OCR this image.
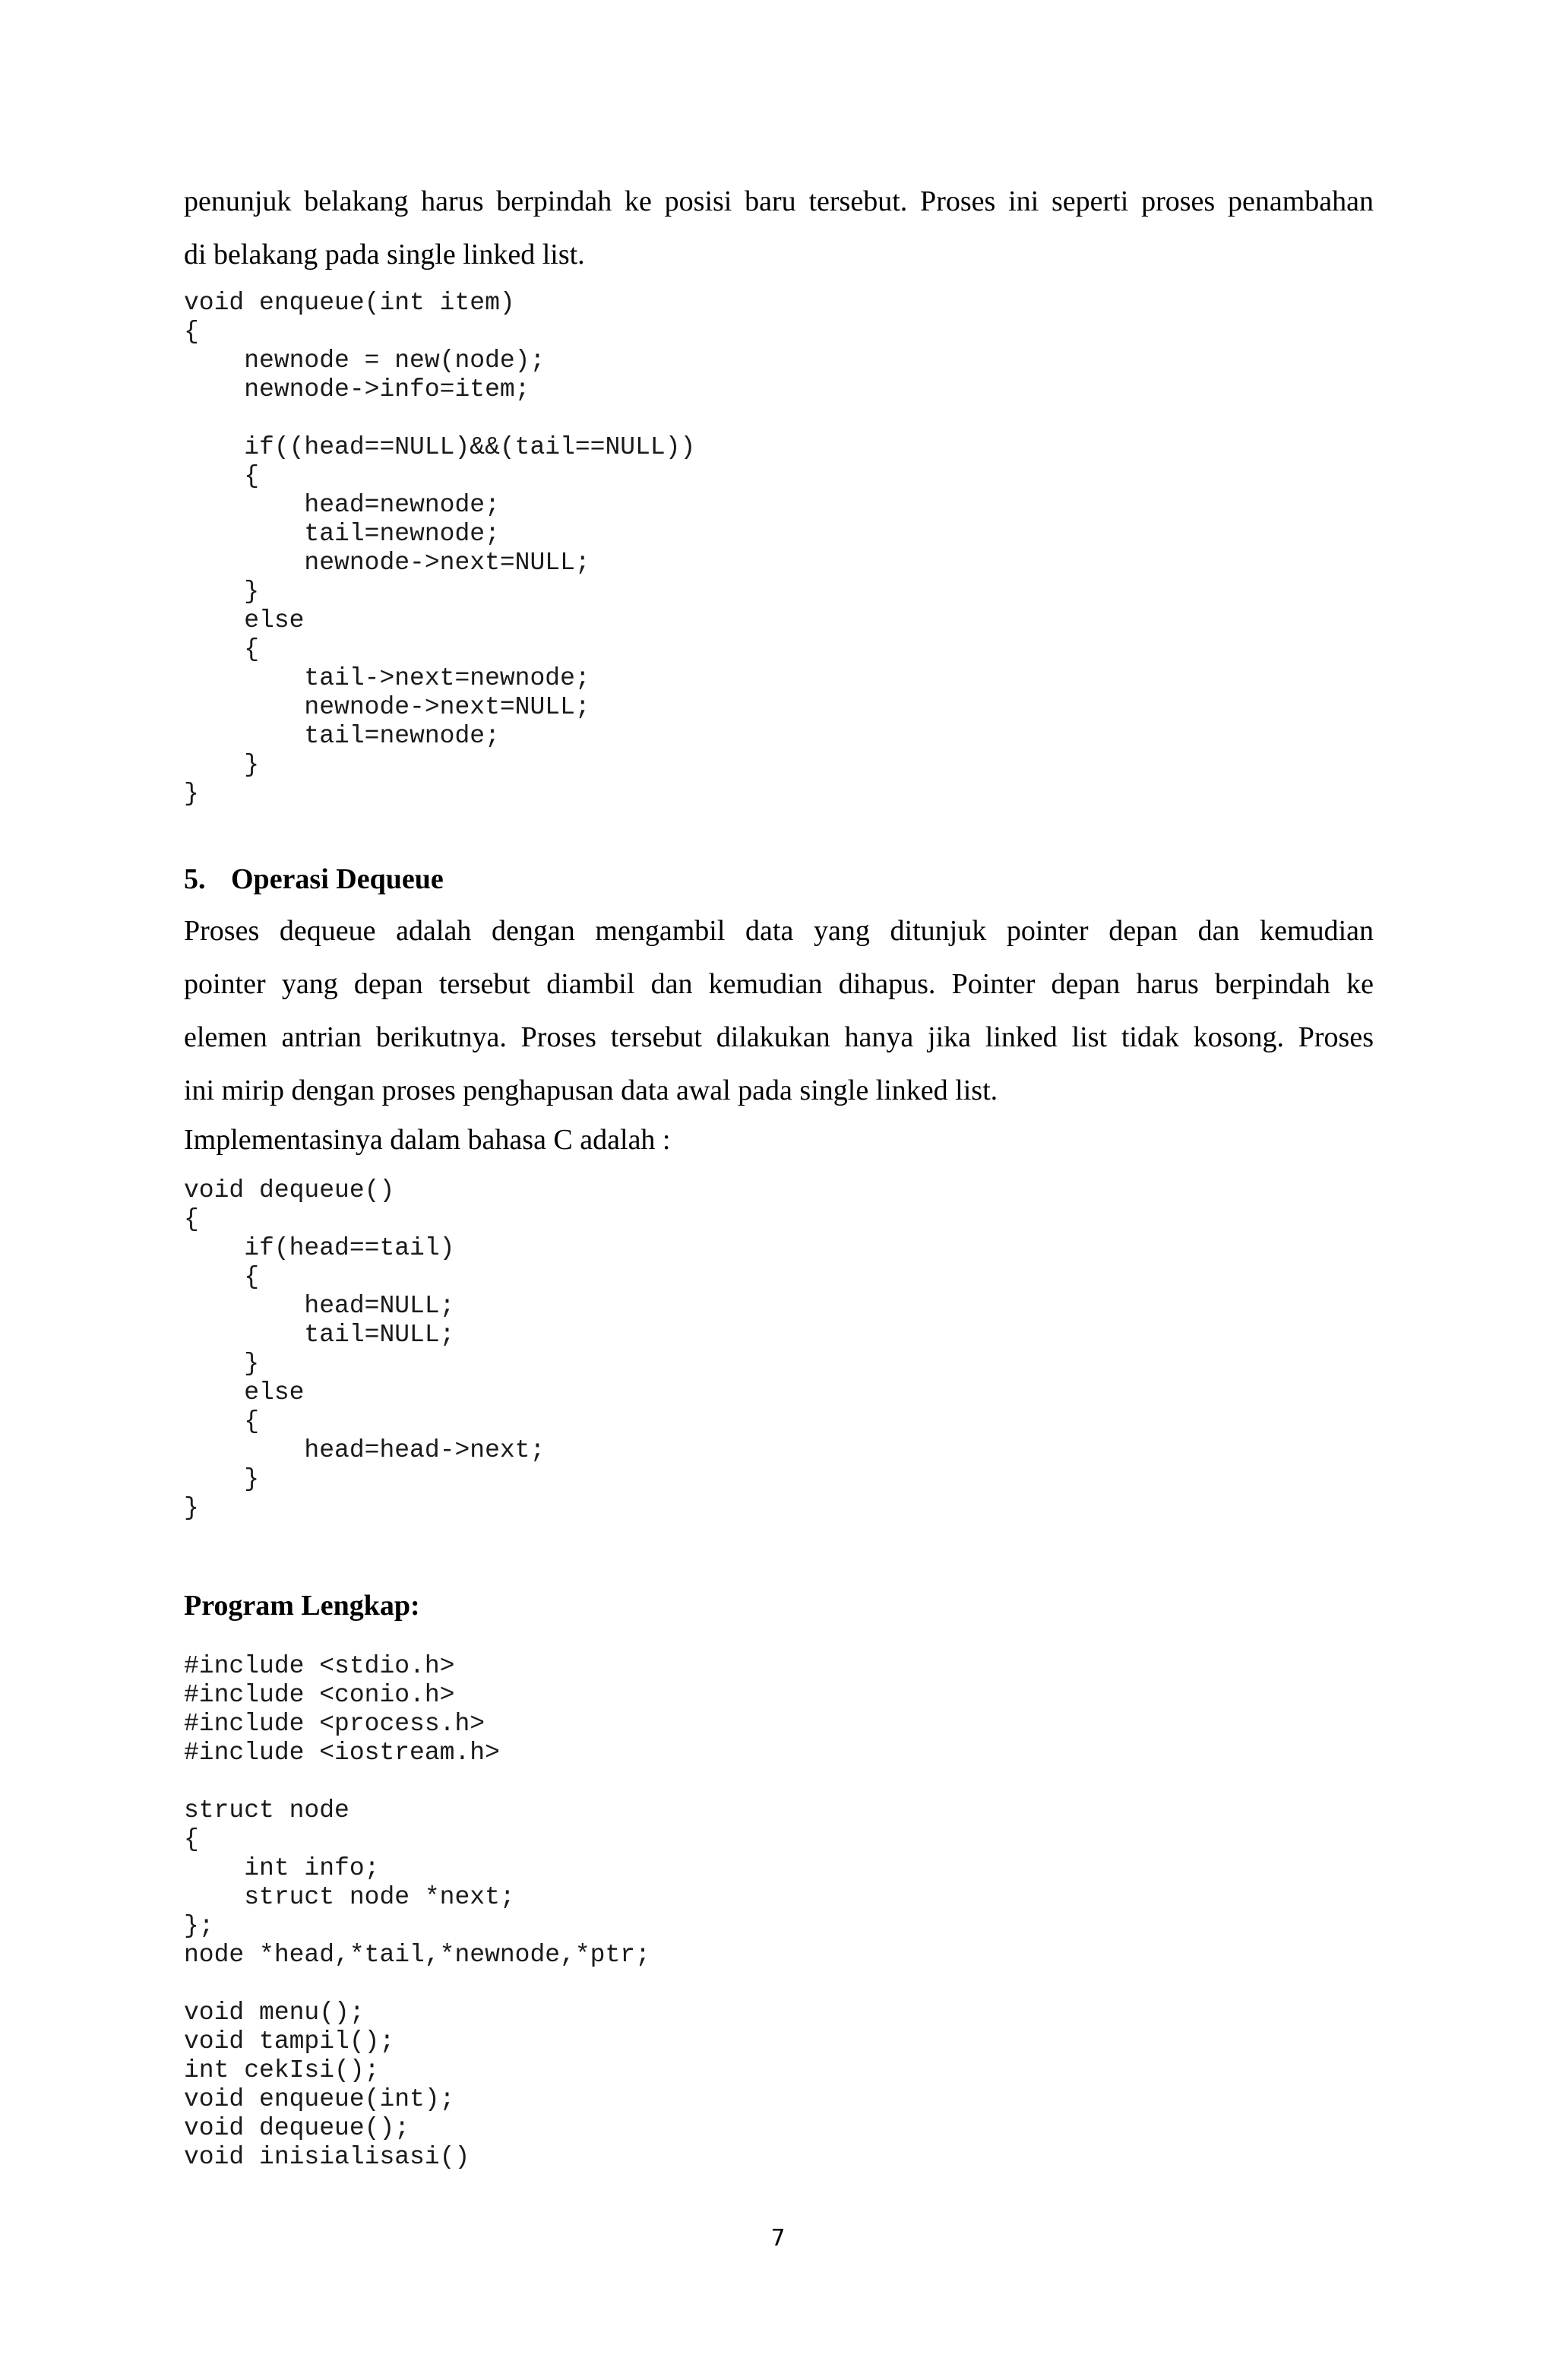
penunjuk belakang harus berpindah ke posisi baru tersebut. Proses ini seperti proses penambahan
di belakang pada single linked list.

void enqueue(int item)
{
newnode = new(node);
newnode->info=item;
if((head==NULL)&&(tail==NULL))
{
head=newnode;
tail=newnode;
newnode->next=NULL;
}
else
{
tail->next=newnode;
newnode->next=NULL;
tail=newnode;
}
}
5. Operasi Dequeue

Proses dequeue adalah dengan mengambil data yang ditunjuk pointer depan dan kemudian
pointer yang depan tersebut diambil dan kemudian dihapus. Pointer depan harus berpindah ke
elemen antrian berikutnya. Proses tersebut dilakukan hanya jika linked list tidak kosong. Proses
ini mirip dengan proses penghapusan data awal pada single linked list.

Implementasinya dalam bahasa C adalah :

void dequeue()
{
if(head==tail)
{
head=NULL;
tail=NULL;
}
else
{
head=head->next;
}
}
Program Lengkap:
#include <stdio.h>
#include <conio.h>
#include <process.h>
#include <iostream.h>
struct node
{
int info;
struct node *next;
};
node *head,*tail,*newnode,*ptr;
void menu();
void tampil();
int cekIsi();
void enqueue(int);
void dequeue();
void inisialisasi()

7
